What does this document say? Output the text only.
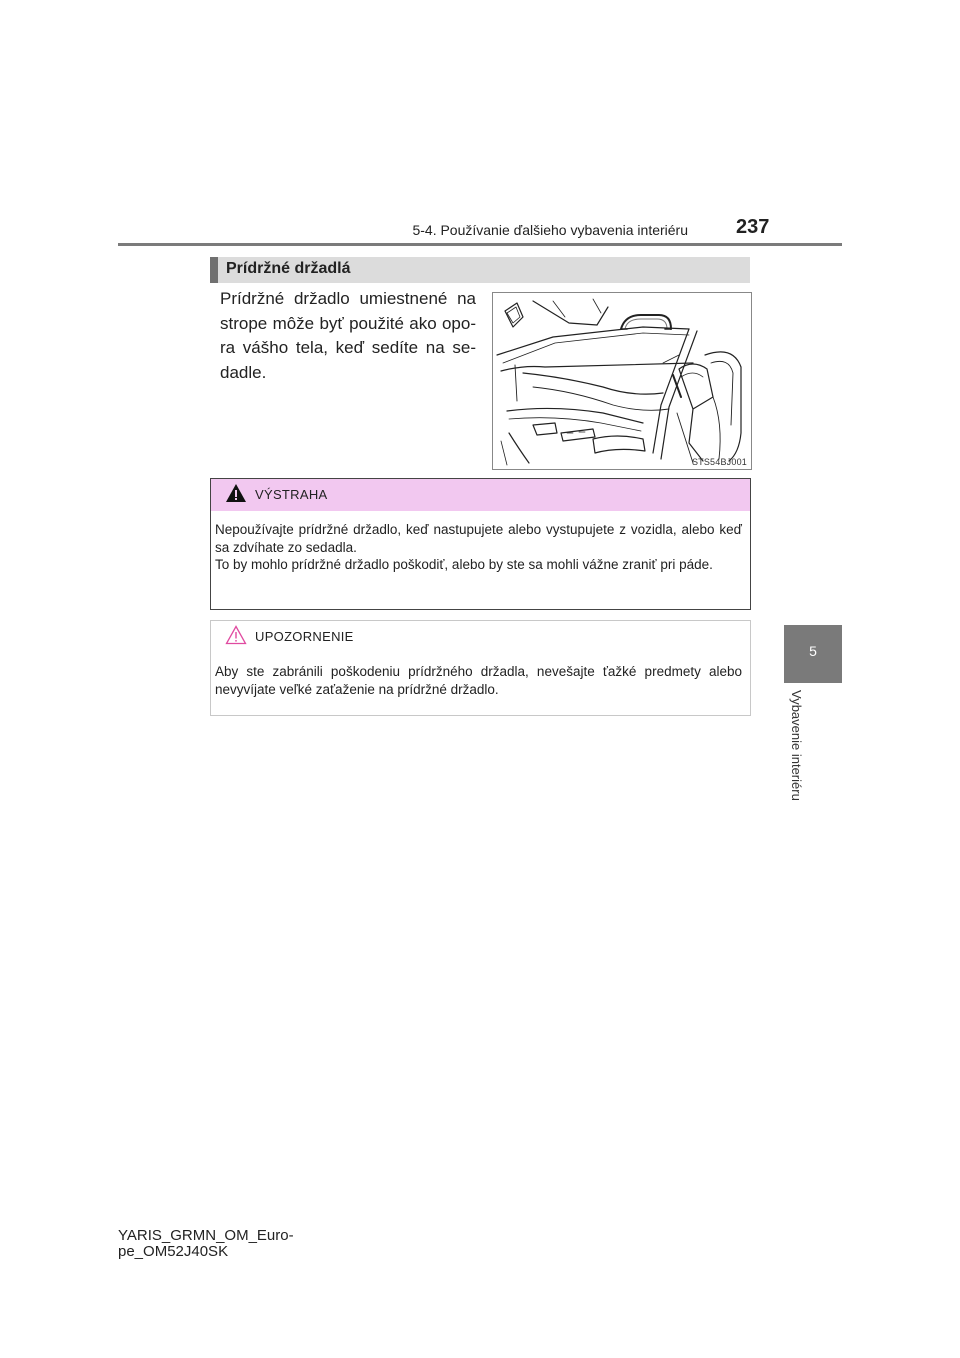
5-4. Používanie ďalšieho vybavenia interiéru 237
5
Vybavenie interiéru
Prídržné držadlá
Prídržné držadlo umiestnené na strope môže byť použité ako opo-ra vášho tela, keď sedíte na se-dadle.
STS54BJ001
VÝSTRAHA
Nepoužívajte prídržné držadlo, keď nastupujete alebo vystupujete z vozidla, alebo keď sa zdvíhate zo sedadla.
To by mohlo prídržné držadlo poškodiť, alebo by ste sa mohli vážne zraniť pri páde.
UPOZORNENIE
Aby ste zabránili poškodeniu prídržného držadla, nevešajte ťažké predmety alebo nevyvíjate veľké zaťaženie na prídržné držadlo.
YARIS_GRMN_OM_Euro-
pe_OM52J40SK
